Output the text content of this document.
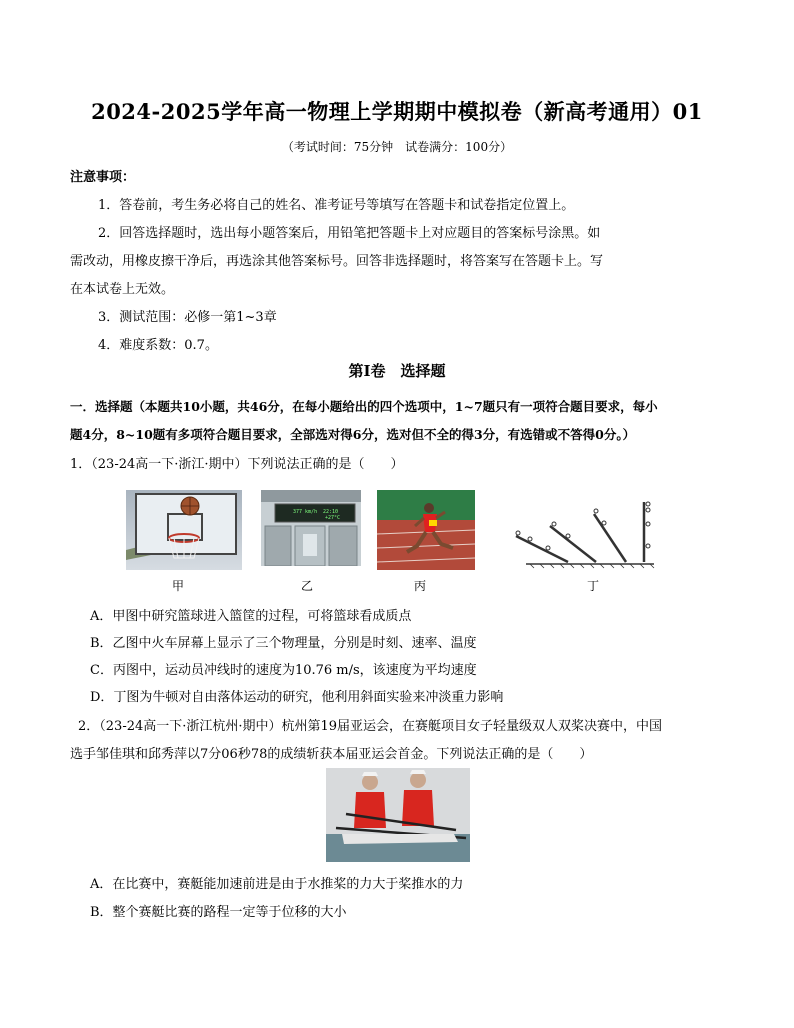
2024-2025学年高一物理上学期期中模拟卷（新高考通用）01
（考试时间：75分钟　试卷满分：100分）
注意事项：
1．答卷前，考生务必将自己的姓名、准考证号等填写在答题卡和试卷指定位置上。
2．回答选择题时，选出每小题答案后，用铅笔把答题卡上对应题目的答案标号涂黑。如
需改动，用橡皮擦干净后，再选涂其他答案标号。回答非选择题时，将答案写在答题卡上。写
在本试卷上无效。
3．测试范围：必修一第1~3章
4．难度系数：0.7。
第Ⅰ卷　选择题
一．选择题（本题共10小题，共46分，在每小题给出的四个选项中，1~7题只有一项符合题目要求，每小
题4分，8~10题有多项符合题目要求，全部选对得6分，选对但不全的得3分，有选错或不答得0分。）
1．（23-24高一下·浙江·期中）下列说法正确的是（　　）
甲
377 km/h 22:10
+27°C
乙	丙	丁
A．甲图中研究篮球进入篮筐的过程，可将篮球看成质点
B．乙图中火车屏幕上显示了三个物理量，分别是时刻、速率、温度
C．丙图中，运动员冲线时的速度为10.76 m/s，该速度为平均速度
D．丁图为牛顿对自由落体运动的研究，他利用斜面实验来冲淡重力影响
2．（23-24高一下·浙江杭州·期中）杭州第19届亚运会，在赛艇项目女子轻量级双人双桨决赛中，中国
选手邹佳琪和邱秀萍以7分06秒78的成绩斩获本届亚运会首金。下列说法正确的是（　　）
A．在比赛中，赛艇能加速前进是由于水推桨的力大于桨推水的力
B．整个赛艇比赛的路程一定等于位移的大小
